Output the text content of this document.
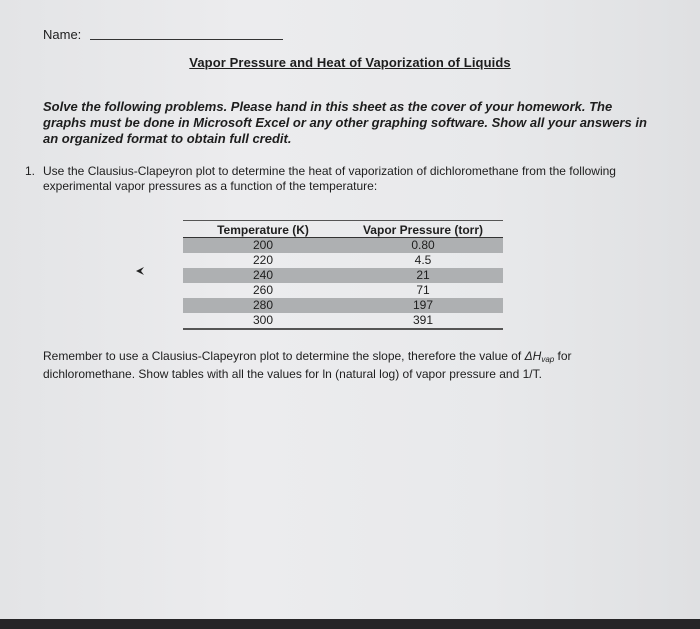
Name:
Vapor Pressure and Heat of Vaporization of Liquids
Solve the following problems. Please hand in this sheet as the cover of your homework. The graphs must be done in Microsoft Excel or any other graphing software. Show all your answers in an organized format to obtain full credit.
1. Use the Clausius-Clapeyron plot to determine the heat of vaporization of dichloromethane from the following experimental vapor pressures as a function of the temperature:
Temperature (K)	Vapor Pressure (torr)
200	0.80
220	4.5
240	21
260	71
280	197
300	391
Remember to use a Clausius-Clapeyron plot to determine the slope, therefore the value of $\Delta H_{vap}$ for dichloromethane. Show tables with all the values for ln (natural log) of vapor pressure and 1/T.
